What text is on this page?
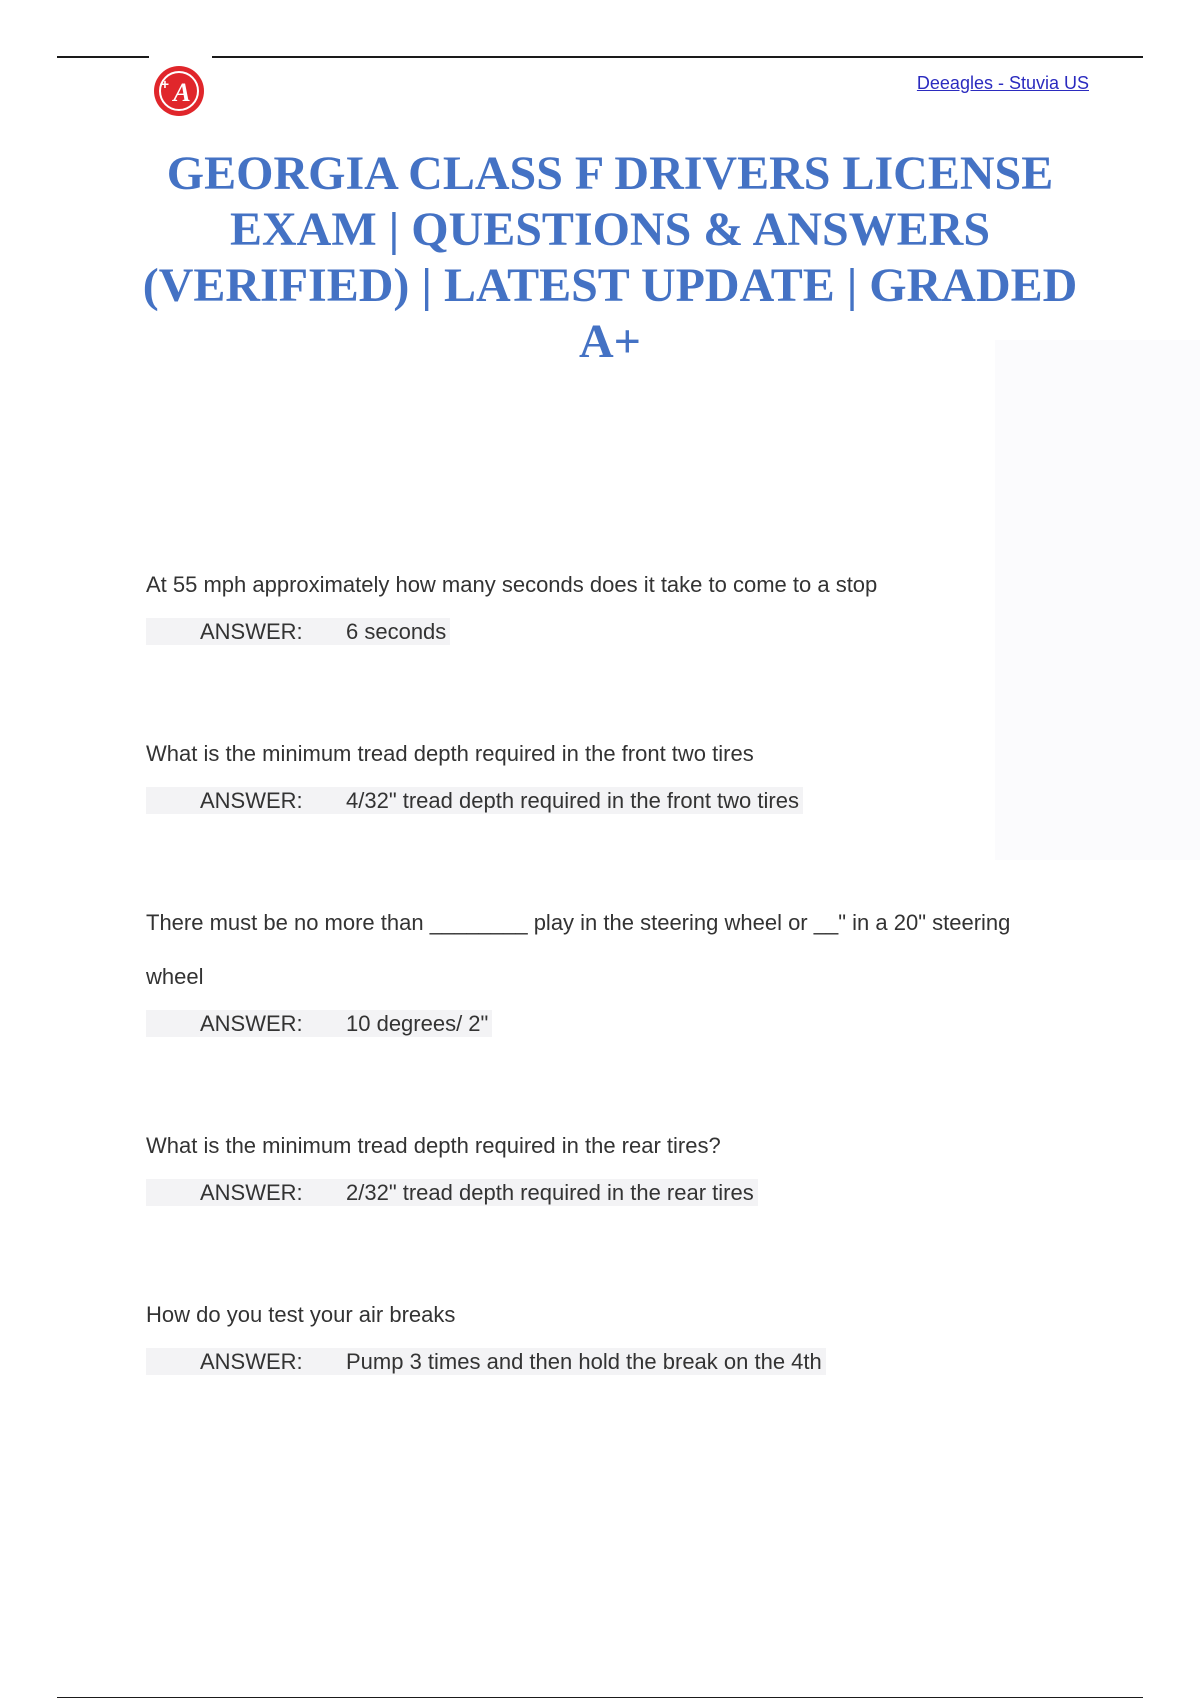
A
+	Deeagles - Stuvia US
GEORGIA CLASS F DRIVERS LICENSE EXAM | QUESTIONS & ANSWERS (VERIFIED) | LATEST UPDATE | GRADED A+

At 55 mph approximately how many seconds does it take to come to a stop

ANSWER: 6 seconds

What is the minimum tread depth required in the front two tires

ANSWER: 4/32" tread depth required in the front two tires

There must be no more than ________ play in the steering wheel or __" in a 20" steering wheel

ANSWER: 10 degrees/ 2"

What is the minimum tread depth required in the rear tires?

ANSWER: 2/32" tread depth required in the rear tires

How do you test your air breaks

ANSWER: Pump 3 times and then hold the break on the 4th
